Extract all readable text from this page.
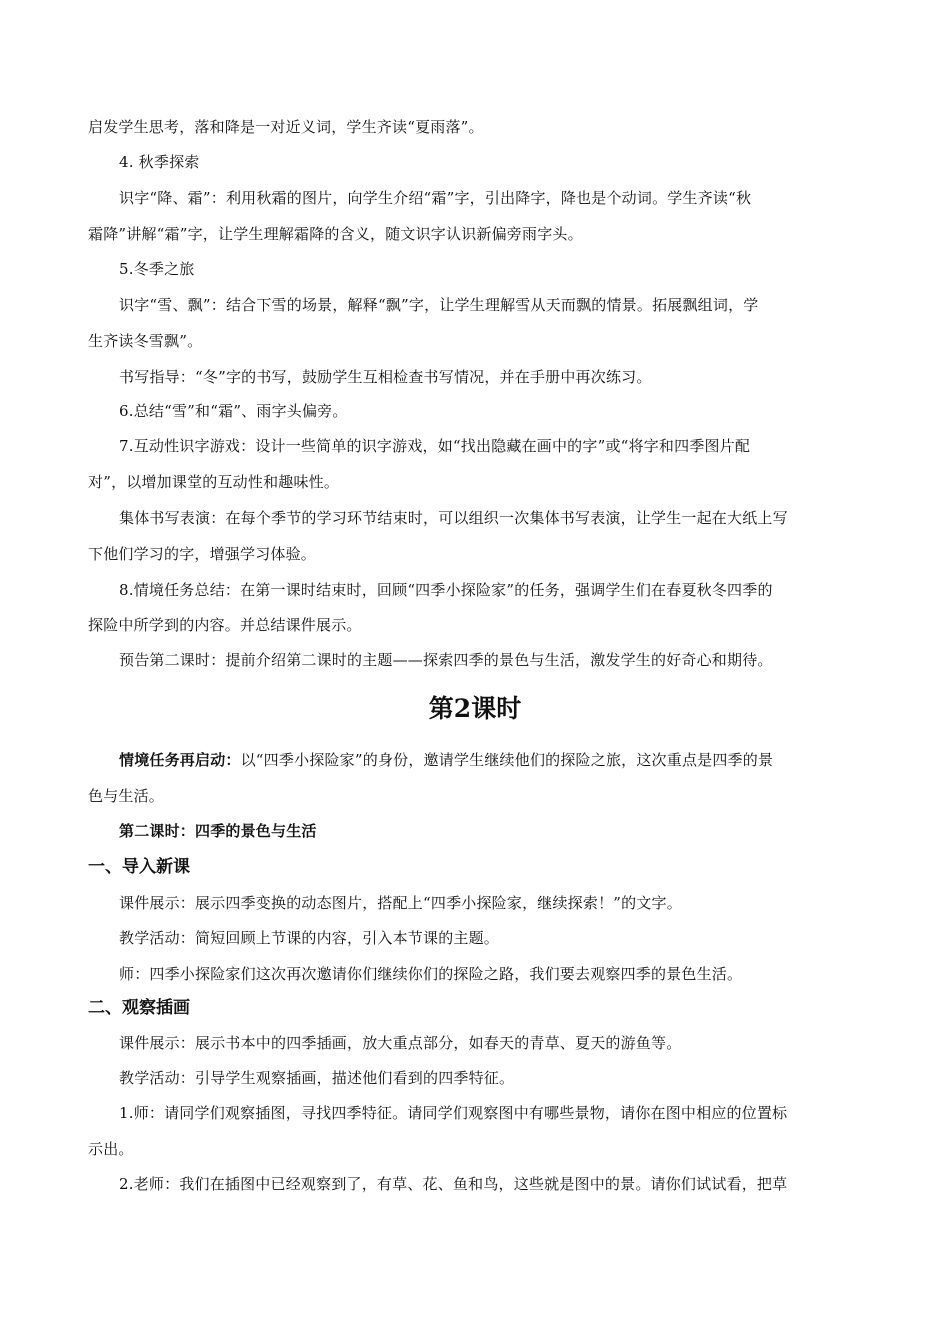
启发学生思考，落和降是一对近义词，学生齐读“夏雨落”。
4. 秋季探索
识字“降、霜”：利用秋霜的图片，向学生介绍“霜”字，引出降字，降也是个动词。学生齐读“秋
霜降”讲解“霜”字，让学生理解霜降的含义，随文识字认识新偏旁雨字头。
5.冬季之旅
识字“雪、飘”：结合下雪的场景，解释“飘”字，让学生理解雪从天而飘的情景。拓展飘组词，学
生齐读冬雪飘”。
书写指导：“冬”字的书写，鼓励学生互相检查书写情况，并在手册中再次练习。
6.总结“雪”和“霜”、雨字头偏旁。
7.互动性识字游戏：设计一些简单的识字游戏，如“找出隐藏在画中的字”或“将字和四季图片配
对”，以增加课堂的互动性和趣味性。
集体书写表演：在每个季节的学习环节结束时，可以组织一次集体书写表演，让学生一起在大纸上写
下他们学习的字，增强学习体验。
8.情境任务总结：在第一课时结束时，回顾“四季小探险家”的任务，强调学生们在春夏秋冬四季的
探险中所学到的内容。并总结课件展示。
预告第二课时：提前介绍第二课时的主题——探索四季的景色与生活，激发学生的好奇心和期待。
第2课时
情境任务再启动：以“四季小探险家”的身份，邀请学生继续他们的探险之旅，这次重点是四季的景
色与生活。
第二课时：四季的景色与生活
一、导入新课
课件展示：展示四季变换的动态图片，搭配上“四季小探险家，继续探索！”的文字。
教学活动：简短回顾上节课的内容，引入本节课的主题。
师：四季小探险家们这次再次邀请你们继续你们的探险之路，我们要去观察四季的景色生活。
二、观察插画
课件展示：展示书本中的四季插画，放大重点部分，如春天的青草、夏天的游鱼等。
教学活动：引导学生观察插画，描述他们看到的四季特征。
1.师：请同学们观察插图，寻找四季特征。请同学们观察图中有哪些景物，请你在图中相应的位置标
示出。
2.老师：我们在插图中已经观察到了，有草、花、鱼和鸟，这些就是图中的景。请你们试试看，把草
